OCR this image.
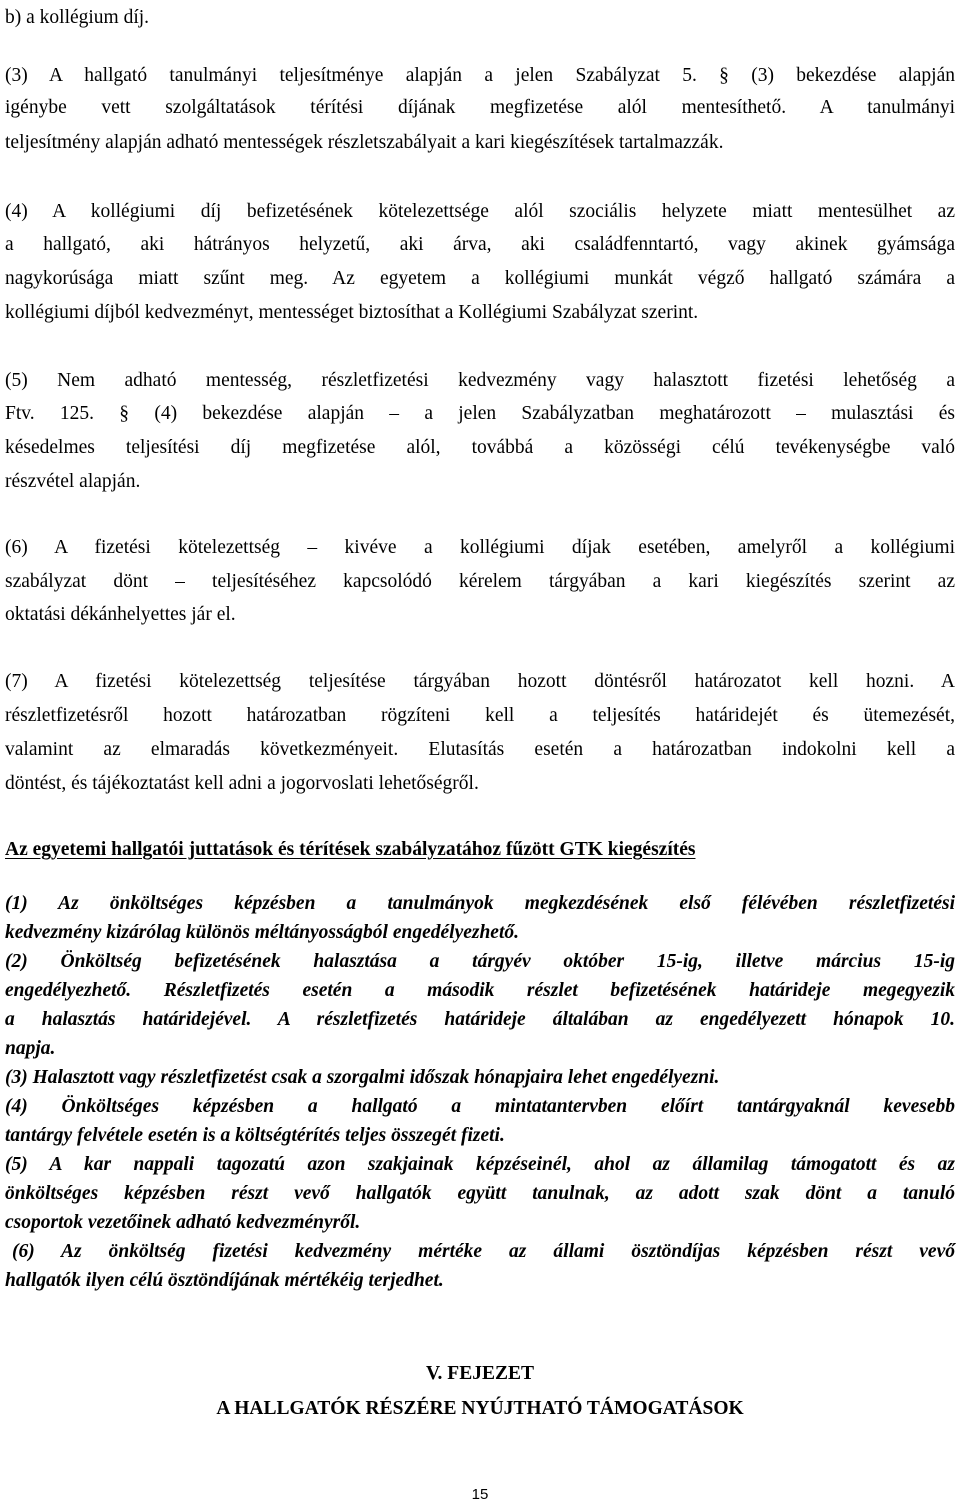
b) a kollégium díj.
(3) A hallgató tanulmányi teljesítménye alapján a jelen Szabályzat 5. § (3) bekezdése alapján
igénybe vett szolgáltatások térítési díjának megfizetése alól mentesíthető. A tanulmányi
teljesítmény alapján adható mentességek részletszabályait a kari kiegészítések tartalmazzák.
(4) A kollégiumi díj befizetésének kötelezettsége alól szociális helyzete miatt mentesülhet az
a hallgató, aki hátrányos helyzetű, aki árva, aki családfenntartó, vagy akinek gyámsága
nagykorúsága miatt szűnt meg. Az egyetem a kollégiumi munkát végző hallgató számára a
kollégiumi díjból kedvezményt, mentességet biztosíthat a Kollégiumi Szabályzat szerint.
(5) Nem adható mentesség, részletfizetési kedvezmény vagy halasztott fizetési lehetőség a
Ftv. 125. § (4) bekezdése alapján – a jelen Szabályzatban meghatározott – mulasztási és
késedelmes teljesítési díj megfizetése alól, továbbá a közösségi célú tevékenységbe való
részvétel alapján.
(6) A fizetési kötelezettség – kivéve a kollégiumi díjak esetében, amelyről a kollégiumi
szabályzat dönt – teljesítéséhez kapcsolódó kérelem tárgyában a kari kiegészítés szerint az
oktatási dékánhelyettes jár el.
(7) A fizetési kötelezettség teljesítése tárgyában hozott döntésről határozatot kell hozni. A
részletfizetésről hozott határozatban rögzíteni kell a teljesítés határidejét és ütemezését,
valamint az elmaradás következményeit. Elutasítás esetén a határozatban indokolni kell a
döntést, és tájékoztatást kell adni a jogorvoslati lehetőségről.
Az egyetemi hallgatói juttatások és térítések szabályzatához fűzött GTK kiegészítés
(1) Az önköltséges képzésben a tanulmányok megkezdésének első félévében részletfizetési
kedvezmény kizárólag különös méltányosságból engedélyezhető.
(2) Önköltség befizetésének halasztása a tárgyév október 15-ig, illetve március 15-ig
engedélyezhető. Részletfizetés esetén a második részlet befizetésének határideje megegyezik
a halasztás határidejével. A részletfizetés határideje általában az engedélyezett hónapok 10.
napja.
(3) Halasztott vagy részletfizetést csak a szorgalmi időszak hónapjaira lehet engedélyezni.
(4) Önköltséges képzésben a hallgató a mintatantervben előírt tantárgyaknál kevesebb
tantárgy felvétele esetén is a költségtérítés teljes összegét fizeti.
(5) A kar nappali tagozatú azon szakjainak képzéseinél, ahol az államilag támogatott és az
önköltséges képzésben részt vevő hallgatók együtt tanulnak, az adott szak dönt a tanuló
csoportok vezetőinek adható kedvezményről.
(6) Az önköltség fizetési kedvezmény mértéke az állami ösztöndíjas képzésben részt vevő
hallgatók ilyen célú ösztöndíjának mértékéig terjedhet.
V. FEJEZET
A HALLGATÓK RÉSZÉRE NYÚJTHATÓ TÁMOGATÁSOK
15
